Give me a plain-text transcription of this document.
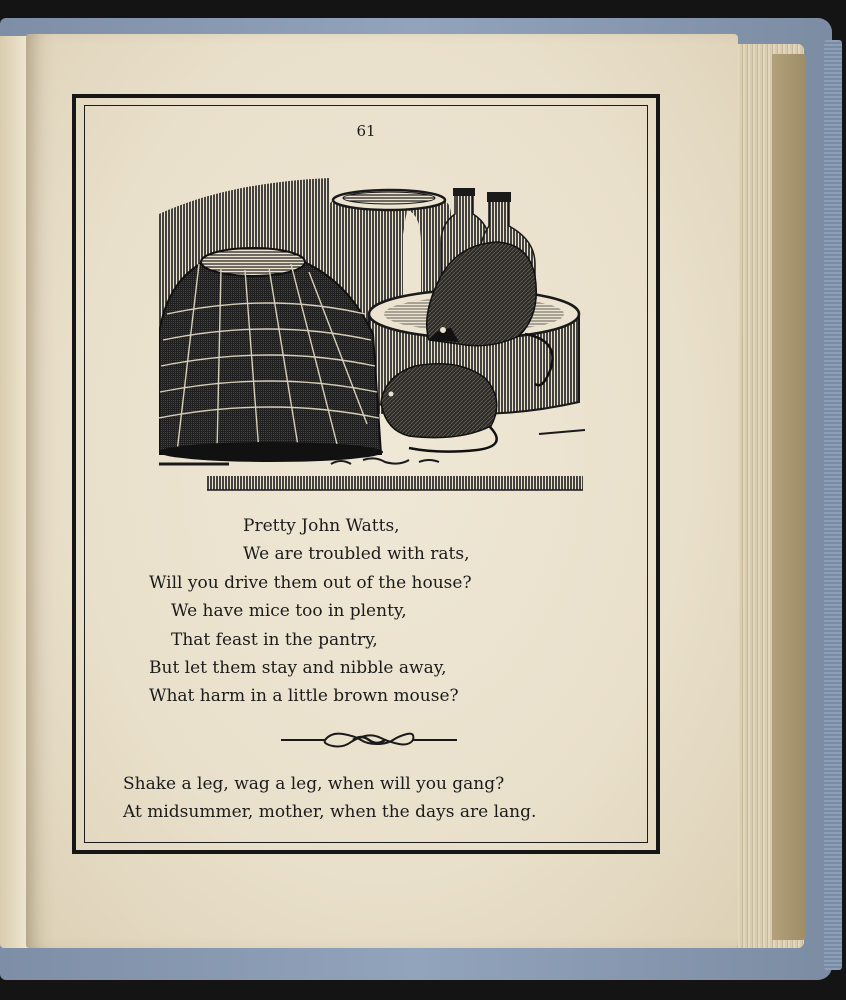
61
Pretty John Watts,
We are troubled with rats,
Will you drive them out of the house?
We have mice too in plenty,
That feast in the pantry,
But let them stay and nibble away,
What harm in a little brown mouse?
Shake a leg, wag a leg, when will you gang?
At midsummer, mother, when the days are lang.
